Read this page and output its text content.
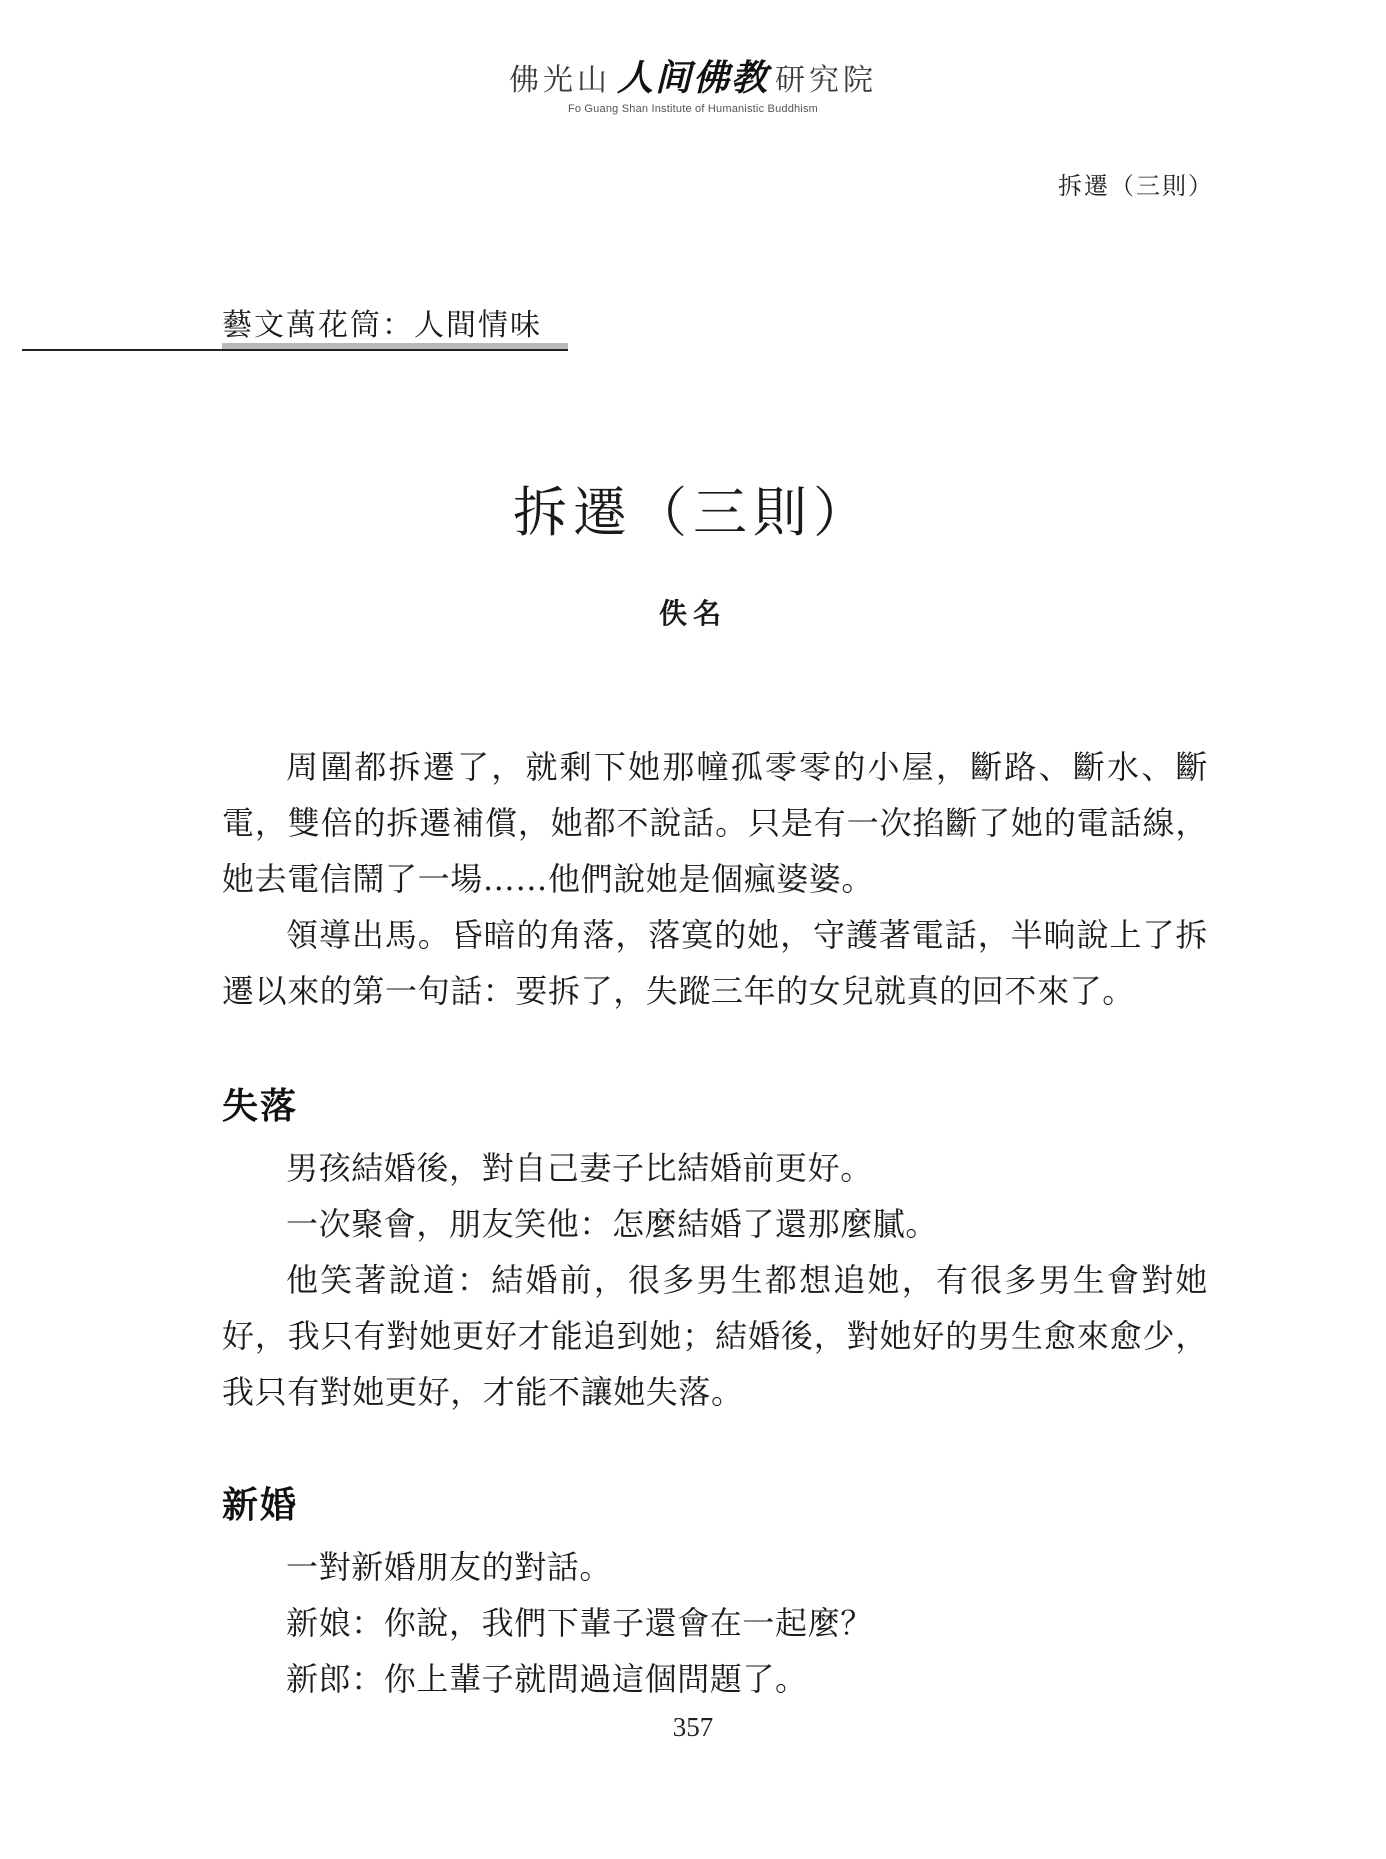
佛光山 人间佛教 研究院
Fo Guang Shan Institute of Humanistic Buddhism
拆遷（三則）
藝文萬花筒：人間情味
拆遷（三則）
佚名

周圍都拆遷了，就剩下她那幢孤零零的小屋，斷路、斷水、斷電，雙倍的拆遷補償，她都不說話。只是有一次掐斷了她的電話線，她去電信鬧了一場……他們說她是個瘋婆婆。

領導出馬。昏暗的角落，落寞的她，守護著電話，半晌說上了拆遷以來的第一句話：要拆了，失蹤三年的女兒就真的回不來了。

失落

男孩結婚後，對自己妻子比結婚前更好。

一次聚會，朋友笑他：怎麼結婚了還那麼膩。

他笑著說道：結婚前，很多男生都想追她，有很多男生會對她好，我只有對她更好才能追到她；結婚後，對她好的男生愈來愈少，我只有對她更好，才能不讓她失落。

新婚

一對新婚朋友的對話。

新娘：你說，我們下輩子還會在一起麼？

新郎：你上輩子就問過這個問題了。

357
